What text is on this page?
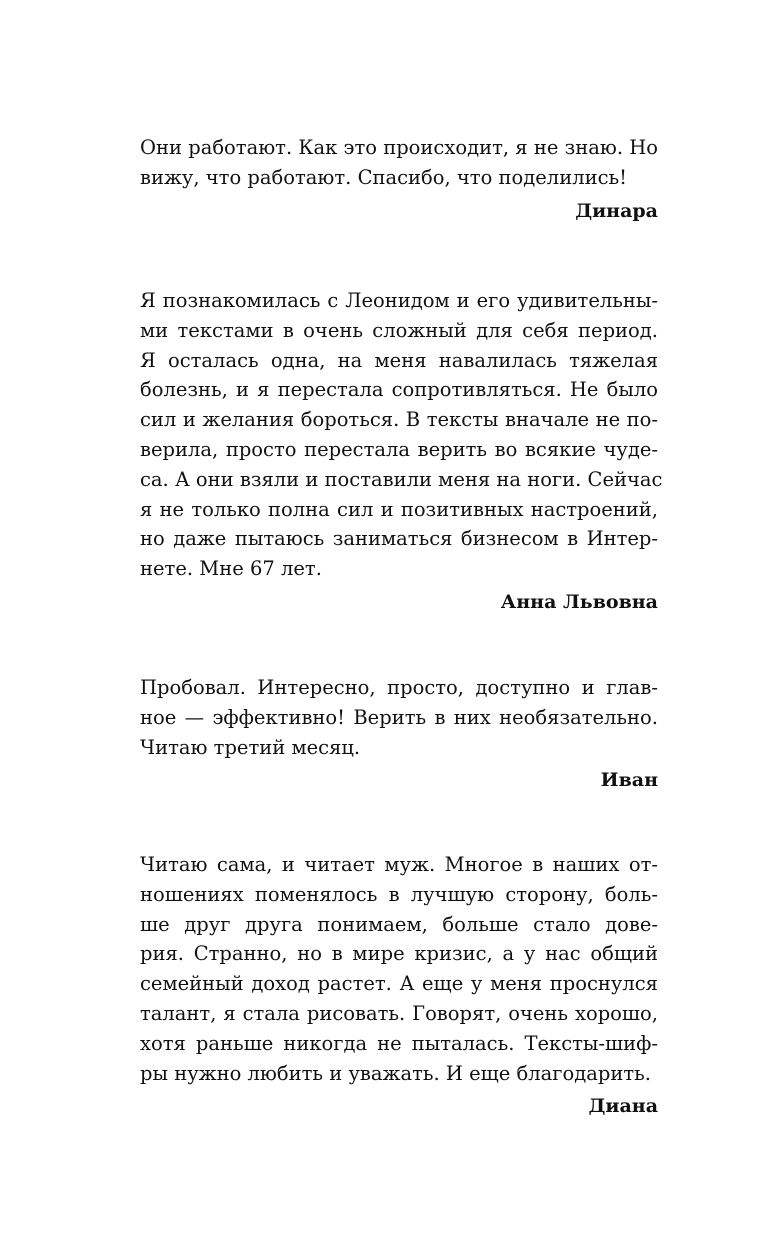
Они работают. Как это происходит, я не знаю. Но
вижу, что работают. Спасибо, что поделились!

Динара

Я познакомилась с Леонидом и его удивительны-
ми текстами в очень сложный для себя период.
Я осталась одна, на меня навалилась тяжелая
болезнь, и я перестала сопротивляться. Не было
сил и желания бороться. В тексты вначале не по-
верила, просто перестала верить во всякие чуде-
са. А они взяли и поставили меня на ноги. Сейчас
я не только полна сил и позитивных настроений,
но даже пытаюсь заниматься бизнесом в Интер-
нете. Мне 67 лет.

Анна Львовна

Пробовал. Интересно, просто, доступно и глав-
ное — эффективно! Верить в них необязательно.
Читаю третий месяц.

Иван

Читаю сама, и читает муж. Многое в наших от-
ношениях поменялось в лучшую сторону, боль-
ше друг друга понимаем, больше стало дове-
рия. Странно, но в мире кризис, а у нас общий
семейный доход растет. А еще у меня проснулся
талант, я стала рисовать. Говорят, очень хорошо,
хотя раньше никогда не пыталась. Тексты-шиф-
ры нужно любить и уважать. И еще благодарить.

Диана
